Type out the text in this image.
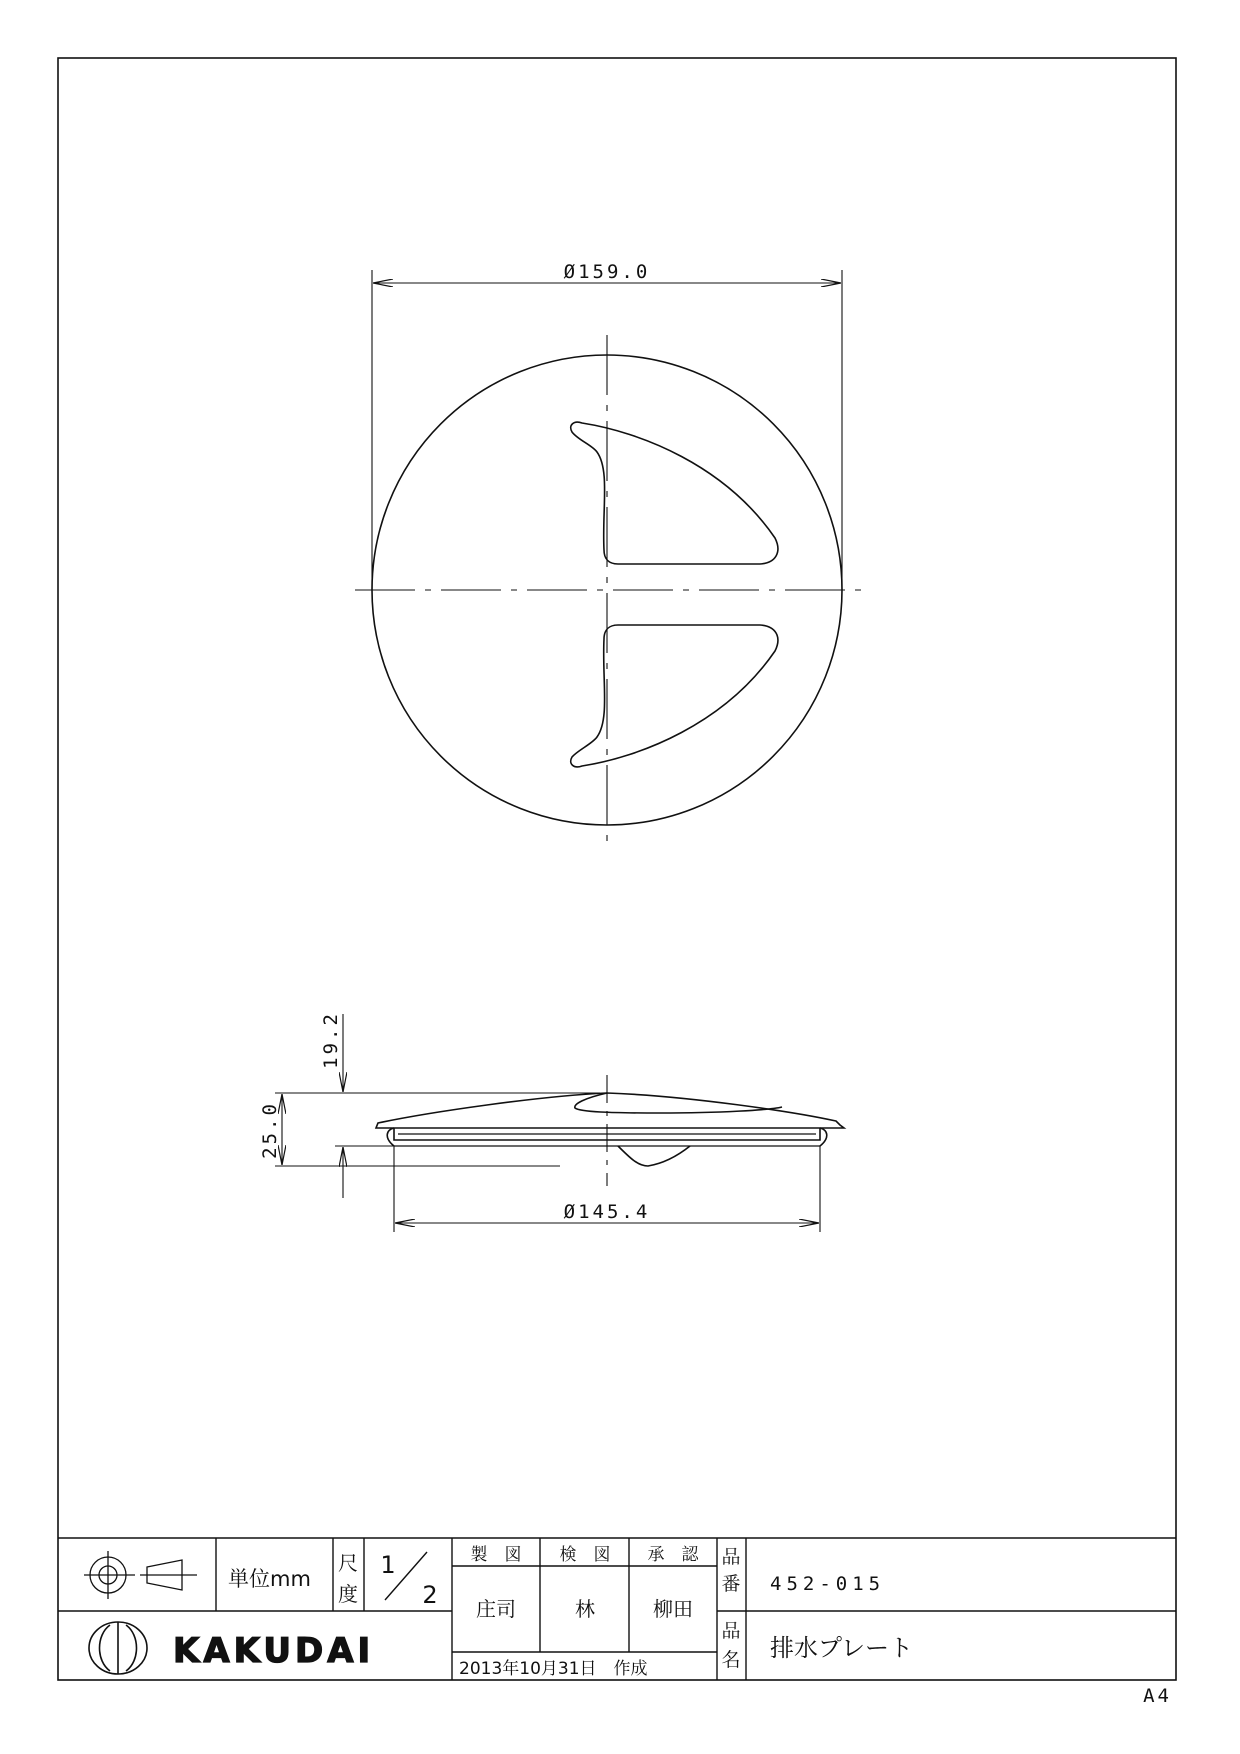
Ø159.0
25.0
19.2
Ø145.4
KAKUDAI
単位mm
尺
度
1
2
製　図 検　図 承　認
庄司	林	柳田
2013年10月31日　作成
品
番 452-015
品
名 排水プレート
A4
